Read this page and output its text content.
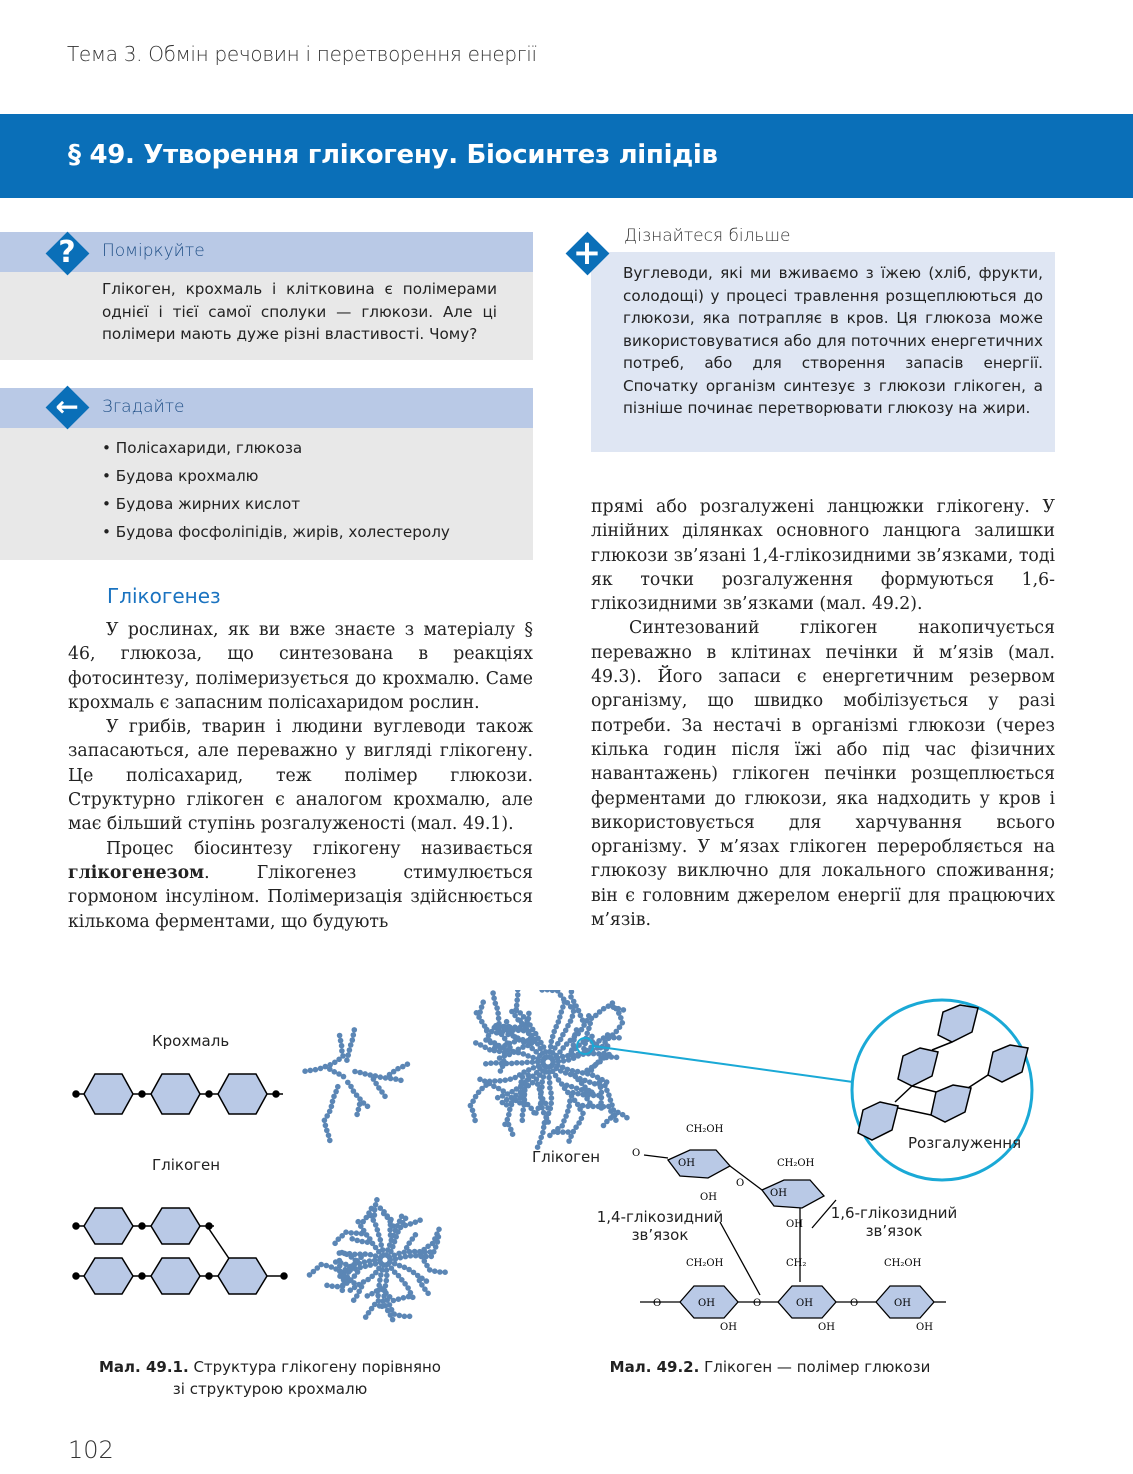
Тема 3. Обмін речовин і перетворення енергії
§ 49. Утворення глікогену. Біосинтез ліпідів
Поміркуйте
Глікоген, крохмаль і клітковина є полімерами однієї і тієї самої сполуки — глюкози. Але ці полімери мають дуже різні властивості. Чому?
?
Згадайте
• Полісахариди, глюкоза
• Будова крохмалю
• Будова жирних кислот
• Будова фосфоліпідів, жирів, холестеролу
←
Дізнайтеся більше
Вуглеводи, які ми вживаємо з їжею (хліб, фрукти, солодощі) у процесі травлення розщеплюються до глюкози, яка потрапляє в кров. Ця глюкоза може використовуватися або для поточних енергетичних потреб, або для створення запасів енергії. Спочатку організм синтезує з глюкози глікоген, а пізніше починає перетворювати глюкозу на жири.
+
Глікогенез

У рослинах, як ви вже знаєте з матеріалу § 46, глюкоза, що синтезована в реакціях фотосинтезу, полімеризується до крохмалю. Саме крохмаль є запасним полісахаридом рослин.

У грибів, тварин і людини вуглеводи також запасаються, але переважно у вигляді глікогену. Це полісахарид, теж полімер глюкози. Структурно глікоген є аналогом крохмалю, але має більший ступінь розгалуженості (мал. 49.1).

Процес біосинтезу глікогену називається глікогенезом. Глікогенез стимулюється гормоном інсуліном. Полімеризація здійснюється кількома ферментами, що будують

прямі або розгалужені ланцюжки глікогену. У лінійних ділянках основного ланцюга залишки глюкози зв’язані 1,4-глікозидними зв’язками, тоді як точки розгалуження формуються 1,6-глікозидними зв’язками (мал. 49.2).

Синтезований глікоген накопичується переважно в клітинах печінки й м’язів (мал. 49.3). Його запаси є енергетичним резервом організму, що швидко мобілізується у разі потреби. За нестачі в організмі глюкози (через кілька годин після їжі або під час фізичних навантажень) глікоген печінки розщеплюється ферментами до глюкози, яка надходить у кров і використовується для харчування всього організму. У м’язах глікоген переробляється на глюкозу виключно для локального споживання; він є головним джерелом енергії для працюючих м’язів.

CH₂OH
OH
OH
CH₂OH
OH
OH
O
O
CH₂OH	CH₂	CH₂OH
OH	OH	OH
OH	OH	OH
O	O	O
Крохмаль
Глікоген	Глікоген
Розгалуження
1,4-глікозидний
зв’язок
1,6-глікозидний
зв’язок
Мал. 49.1. Структура глікогену порівняно
зі структурою крохмалю
Мал. 49.2. Глікоген — полімер глюкози
102
